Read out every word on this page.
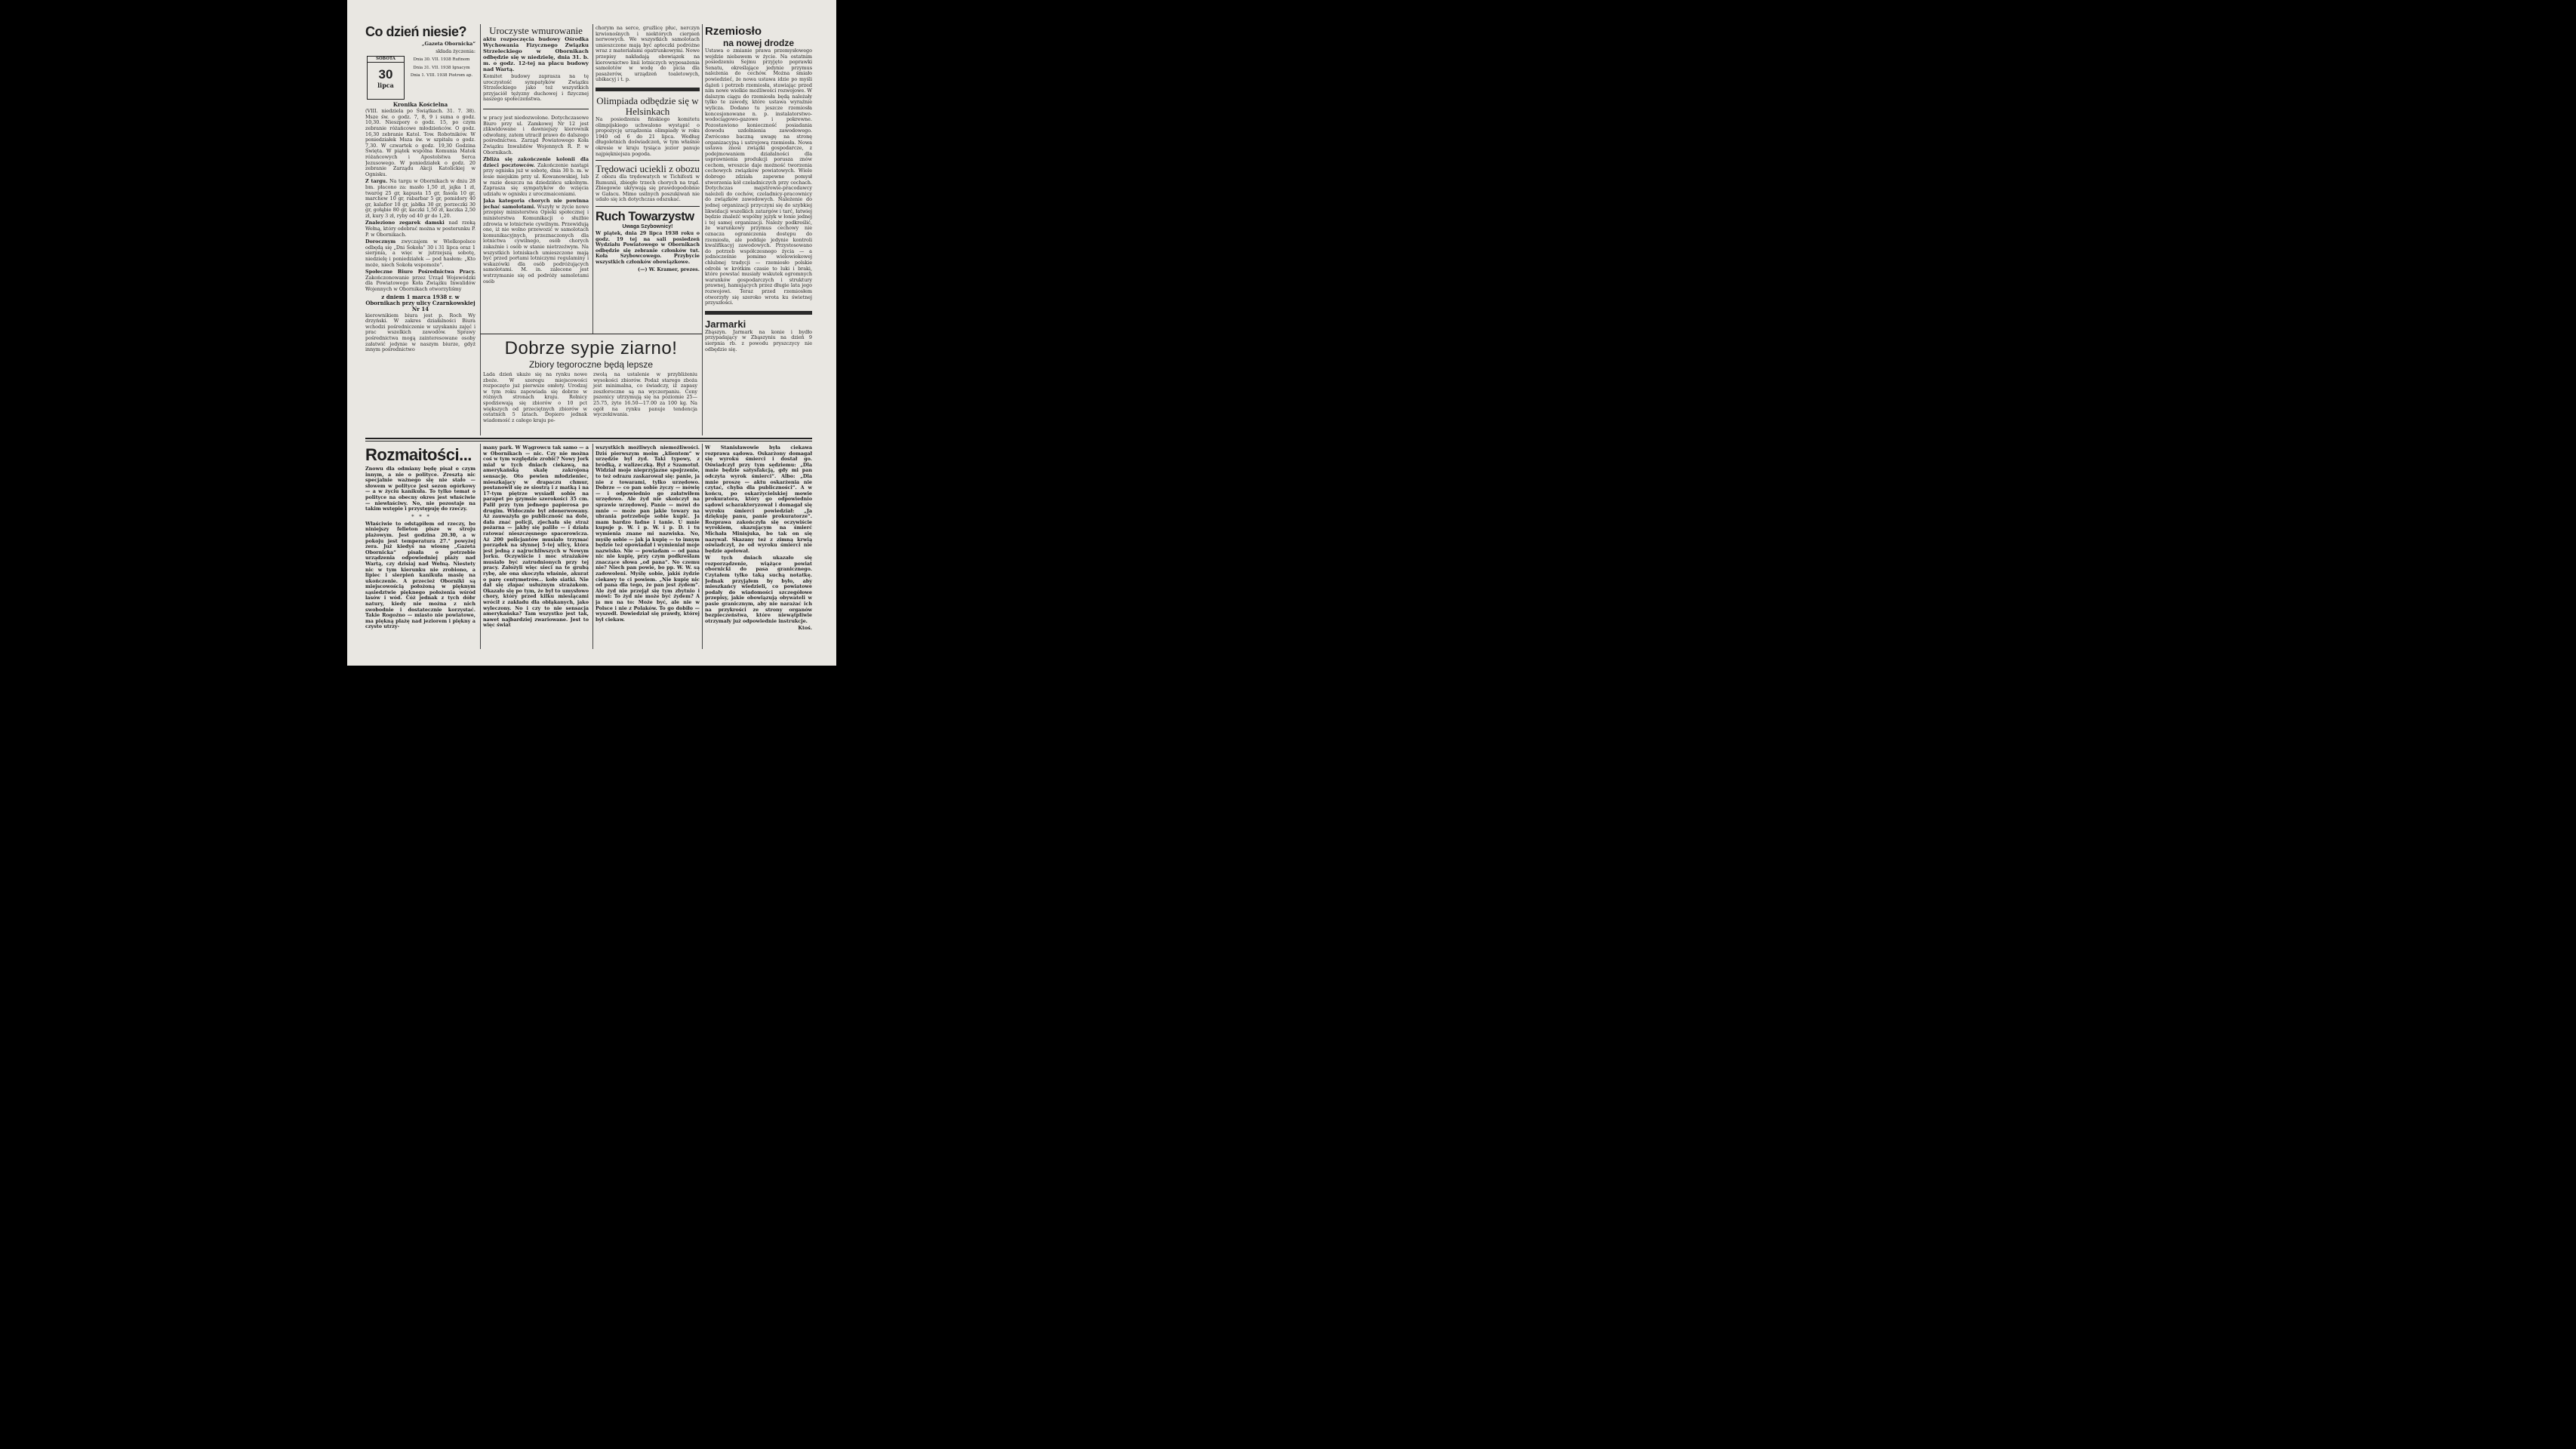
Co dzień niesie?
„Gazeta Obornicka“
składa życzenia:
SOBOTA
30
lipca
Dnia 30. VII. 1938 Rufinom
Dnia 31. VII. 1938 Ignacym
Dnia 1. VIII. 1938 Piotrom ap.
Kronika Kościelna

(VIII. niedziela po Świątkach. 31. 7. 38). Msze św. o godz. 7, 8, 9 i suma o godz. 10,30. Nieszpory o godz. 15, po czym zebranie różańcowe młodzieńców. O godz. 16,30 zebranie Katol. Tow. Robotników. W poniedziałek Msza św. w szpitalu o godz. 7,30. W czwartek o godz. 19,30 Godzina Święta. W piątek wspólna Komunia Matek różańcowych i Apostolstwa Serca Jezusowego. W poniedziałek o godz. 20 zebranie Zarządu Akcji Katolickiej w Ognisku.

Z targu. Na targu w Obornikach w dniu 28 bm. płacono za: masło 1,50 zł, jajka 1 zł, twaróg 25 gr, kapusta 15 gr, fasola 10 gr, marchew 10 gr, rabarbar 5 gr, pomidory 40 gr, kalafior 10 gr, jabłka 30 gr, porzeczki 30 gr, gołąbie 80 gr, kaczki 1,50 zł, kaczka 2,50 zł, kury 3 zł, ryby od 40 gr do 1,20.

Znaleziono zegarek damski nad rzeką Wełną, który odebrać można w posterunku P. P. w Obornikach.

Dorocznym zwyczajem w Wielkopolsce odbędą się „Dni Sokoła“ 30 i 31 lipca oraz 1 sierpnia, a więc w jutrzejszą sobotę, niedzielę i poniedziałek — pod hasłem: „Kto może, niech Sokoła wspomoże“.

Społeczne Biuro Pośrednictwa Pracy. Zakończonowanie przez Urząd Wojewódzki dla Powiatowego Koła Związku Inwalidów Wojennych w Obornikach otworzyliśmy

z dniem 1 marca 1938 r. w Obornikach przy ulicy Czarnkowskiej Nr 14

kierownikiem biura jest p. Roch Wy drzyński. W zakres działalności Biura wchodzi pośredniczenie w uzyskaniu zajęć i prac wszelkich zawodów. Sprawy pośrednictwa mogą zainteresowane osoby załatwić jedynie w naszym biurze, gdyż innym pośrednictwo

Uroczyste wmurowanie

aktu rozpoczęcia budowy Ośrodka Wychowania Fizycznego Związku Strzeleckiego w Obornikach odbędzie się w niedzielę, dnia 31. b. m. o godz. 12-tej na placu budowy nad Wartą.

Komitet budowy zaprasza na tę uroczystość sympatyków Związku Strzeleckiego jako też wszystkich przyjaciół tężyzny duchowej i fizycznej naszego społeczeństwa.

w pracy jest niedozwolone. Dotychczasowe Biuro przy ul. Zamkowej Nr 12 jest zlikwidowane i dawniejszy kierownik odwołany, zatem utracił prawo do dalszego pośrednictwa. Zarząd Powiatowego Koła Związku Inwalidów Wojennych R. P. w Obornikach.

Zbliża się zakończenie kolonii dla dzieci pocztowców. Zakończenie nastąpi przy ogniska już w sobotę, dnia 30 b. m. w lesie miejskim przy ul. Kowanowskiej, lub w razie deszczu na dziedzińcu szkolnym. Zaprasza się sympatyków do wzięcia udziału w ognisku z uroczmaiceniami.

Jaka kategoria chorych nie powinna jechać samolotami. Wszyły w życie nowe przepisy ministerstwa Opieki społecznej i ministerstwa Komunikacji o służbie zdrowia w lotnictwie cywilnym. Przewidują one, iż nie wolno przewozić w samolotach komunikacyjnych, przeznaczonych dla lotnictwa cywilnego, osób chorych zakaźnie i osób w stanie nietrzeźwym. Na wszystkich lotniskach umieszczone mają być przed portami lotniczymi regulaminy i wskazówki dla osób podróżujących samolotami. M. in. zalecone jest wstrzymanie się od podróży samolotami osób

chorym na serce, gruźlicę płuc, nerczyn krwionośnych i niektórych cierpień nerwowych. We wszystkich samolotach umieszczone mają być apteczki podróżne wraz z materiałami opatrunkowymi. Nowe przepisy nakładają obowiązek na kierownictwo linii lotniczych wyposażenia samolotów w wodę do picia dla pasażerów, urządzeń toaletowych, ubikacyj i t. p.

Olimpiada odbędzie się w Helsinkach

Na posiedzeniu fińskiego komitetu olimpijskiego uchwalono wystąpić o propozycję urządzenia olimpiady w roku 1940 od 6 do 21 lipca. Według długoletnich doświadczeń, w tym właśnie okresie w kraju tysiąca jezior panuje najpiękniejsza pogoda.

Trędowaci uciekli z obozu

Z obozu dla trędowatych w Tichifesti w Rumunii, zbiegło trzech chorych na trąd. Zbiegowie ukrywają się prawdopodobnie w Gałacu. Mimo usilnych poszukiwań nie udało się ich dotychczas odszukać.

Ruch Towarzystw
Uwaga Szybownicy!

W piątek, dnia 29 lipca 1938 roku o godz. 19 tej na sali posiedzeń Wydziału Powiatowego w Obornikach odbędzie się zebranie członków tut. Koła Szybowcowego. Przybycie wszystkich członków obowiązkowe.

(—) W. Kramer, prezes.

Rzemiosło
na nowej drodze

Ustawa o zmianie prawa przemysłowego wejdzie niebawem w życie. Na ostatnim posiedzeniu Sejmu przyjęto poprawki Senatu, określające jedynie przymus należenia do cechów. Można śmiało powiedzieć, że nowa ustawa idzie po myśli dążeń i potrzeb rzemiosła, stawiając przed nim nowe wielkie możliwości rozwojowe. W dalszym ciągu do rzemiosła będą należały tylko te zawody, które ustawa wyraźnie wylicza. Dodano tu jeszcze rzemiosła koncesjonowane n. p. instalatorstwo-wodociągowo-gazowe i pokrewne. Pozostawiono konieczność posiadania dowodu uzdolnienia zawodowego. Zwrócono baczną uwagę na stronę organizacyjną i ustrojową rzemiosła. Nowa ustawa znosi związki gospodarcze, z podejmowaniem działalności dla usprawnienia produkcji porusza znów cechom, wreszcie daje możność tworzenia cechowych związków powiatowych. Wiele dobrego zdziała zapewne pomysł stworzenia kół czeladniczych przy cechach. Dotychczas majstrowie-pracodawcy należeli do cechów, czeladnicy-pracownicy do związków zawodowych. Należenie do jednej organizacji przyczyni się do szybkiej likwidacji wszelkich zatargów i tarć, łatwiej będzie znaleźć wspólny język w łonie jednej i tej samej organizacji. Należy podkreślić, że warunkowy przymus cechowy nie oznacza ograniczenia dostępu do rzemiosła, ale poddaje jedynie kontroli kwalifikacyj zawodowych. Przystosowano do potrzeb współczesnego życia — a jednocześnie pomimo wielowiekowej chlubnej tradycji — rzemiosło polskie odrobi w krótkim czasie to luki i braki, które powstać musiały wskutek ogromnych warunków gospodarczych i struktury prawnej, hamujących przez długie lata jego rozwojowi. Teraz przed rzemiosłem otworzyły się szeroko wrota ku świetnej przyszłości.

Jarmarki

Zbąszyn. Jarmark na konie i bydło przypadający w Zbąszyniu na dzień 9 sierpnia rb. z powodu pryszczycy nie odbędzie się.

Dobrze sypie ziarno!
Zbiory tegoroczne będą lepsze

Lada dzień ukaże się na rynku nowe zboże. W szeregu miejscowości rozpoczęto już pierwsze omłoty. Urodzaj w tym roku zapowiada się dobrze w różnych stronach kraju. Rolnicy spodziewają się zbiorów o 10 pct większych od przeciętnych zbiorów w ostatnich 5 latach. Dopiero jednak wiadomość z całego kraju po-

zwolą na ustalenie w przybliżeniu wysokości zbiorów. Podaż starego zboża jest minimalna, co świadczy, iż zapasy zeszłoroczne są na wyczerpaniu. Ceny pszenicy utrzymują się na poziomie 25—25.75, żyto 16.50—17.00 za 100 kg. Na ogół na rynku panuje tendencja wyczekiwania.

Rozmaitości...

Znowu dla odmiany będę pisał o czym innym, a nie o polityce. Zresztą nic specjalnie ważnego się nie stało — słowem w polityce jest sezon ogórkowy — a w życiu kanikuła. To tylko temat o polityce na obecny okres jest właściwie — niewłaściwy. No, nie pozostaje na takim wstępie i przystępuję do rzeczy.

*   *   *

Właściwie to odstąpiłem od rzeczy, bo niniejszy felieton pisze w stroju plażowym. Jest godzina 20.30, a w pokoju jest temperatura 27.° powyżej zera. Już kiedyś na wiosnę „Gazeta Obornicka“ pisała o potrzebie urządzenia odpowiedniej plaży nad Wartą, czy dzisiaj nad Wełną. Niestety nic w tym kierunku nie zrobiono, a lipiec i sierpień kanikuła masię na ukończenie. A przecież Oborniki są miejscowością położoną w pięknym sąsiedztwie pięknego położenia wśród lasów i wód. Cóż jednak z tych dóbr natury, kiedy nie można z nich swobodnie i dostatecznie korzystać. Takie Rogoźno — miasto nie powiatowe, ma piękną plażę nad jeziorem i piękny a czysto utrzy-

many park. W Wągrowcu tak samo — a w Obornikach — nic. Czy nie można coś w tym względzie zrobić? Nowy Jork miał w tych dniach ciekawą, na amerykańską skalę zakrojoną sensację. Oto pewien młodzieniec, mieszkający w drapaczu chmur, postanowił się ze siostrą i z matką i na 17-tym piętrze wysiadł sobie na parapet po gzymsie szerokości 35 cm. Palił przy tym jednego papierosa po drugim. Widocznie był zdenerwowany. Aż zauważyła go publiczność na dole, dała znać policji, zjechała się straż pożarna — jakby się palilo — i działa ratować nieszczęsnego spacerowicza. Aż 200 policjantów musiało trzymać porządek na słynnej 5-tej ulicy, która jest jedną z najruchliwszych w Nowym Jorku. Oczywiście i moc strażaków musiało być zatrudnionych przy tej pracy. Założyli więc sieci na te grubą rybę, ale ona skoczyła właśnie, akurat o parę centymetrów... koło siatki. Nie dał się złapać usłużnym strażakom. Okazało się po tym, że był to umysłowo chory, który przed kilku miesiącami wrócił z zakładu dla obłąkanych, jako wyleczony. No i czy to nie sensacja amerykańska? Tam wszystko jest tak, nawet najbardziej zwariowane. Jest to więc świat

wszystkich możliwych niemożliwości. Dziś pierwszym moim „klientem“ w urzędzie był żyd. Taki typowy, z bródką, z walizeczką. Był z Szamotuł. Widział moje nieprzyjazne spojrzenie, to też odrazu zaskarował się: panie, ja nie z towarami, tylko urzędowo. Dobrze — co pan sobie życzy — mówię — i odpowiednio go załatwiłem urzędowo. Ale żyd nie skończył na sprawie urzędowej. Panie — mówi do mnie — może pan jakie towary na ubrania potrzebuje sobie kupić. Ja mam bardzo ładne i tanie. U mnie kupuje p. W. i p. W. i p. D. i tu wymienia znane mi nazwiska. No, myślę sobie — jak ja kupię — to innym będzie też opowiadał i wymieniał moje nazwisko. Nie — powiadam — od pana nic nie kupię, przy czym podkreślam znaczące słowa „od pana“. No czemu nie? Niech pan powie, bo pp. W. W. są zadowoleni. Myślę sobie, jakiś żydzie ciekawy to ci powiem. „Nie kupię nic od pana dla tego, że pan jest żydem“. Ale żyd nie przejął się tym zbytnio i mówi: To żyd nie może być żydem? A ja mu na to: Może być, ale nie w Polsce i nie z Polaków. To go dobiło — wyszedł. Dowiedział się prawdy, której był ciekaw.

W Stanisławowie była ciekawa rozprawa sądowa. Oskarżony domagał się wyroku śmierci i dostał go. Oświadczył przy tym sędziemu: „Dla mnie będzie satysfakcją, gdy mi pan odczyta wyrok śmierci“. Albo: „Dla mnie proszę — aktu oskarżenia nie czytać, chyba dla publiczności“. A w końcu, po oskarżycielskiej mowie prokuratora, który go odpowiednio sądowi scharakteryzował i domagał się wyroku śmierci powiedział: „Ja dziękuję panu, panie prokuratorze“. Rozprawa zakończyła się oczywiście wyrokiem, skazującym na śmierć Michała Minisjuka, bo tak on się nazywał. Skazany też z zimną krwią oświadczył, że od wyroku śmierci nie będzie apelował.

W tych dniach ukazało się rozporządzenie, wiążące powiat obornicki do pasa granicznego. Czytałem tylko taką suchą notatkę. Jednak przyjąłem by było, aby mieszkańcy wiedzieli, co powiatowe podały do wiadomości szczegółowe przepisy, jakie obowiązują obywateli w pasie granicznym, aby nie narażać ich na przykrości ze strony organów bezpieczeństwa, które niewątpliwie otrzymały już odpowiednie instrukcje.

Ktoś.
